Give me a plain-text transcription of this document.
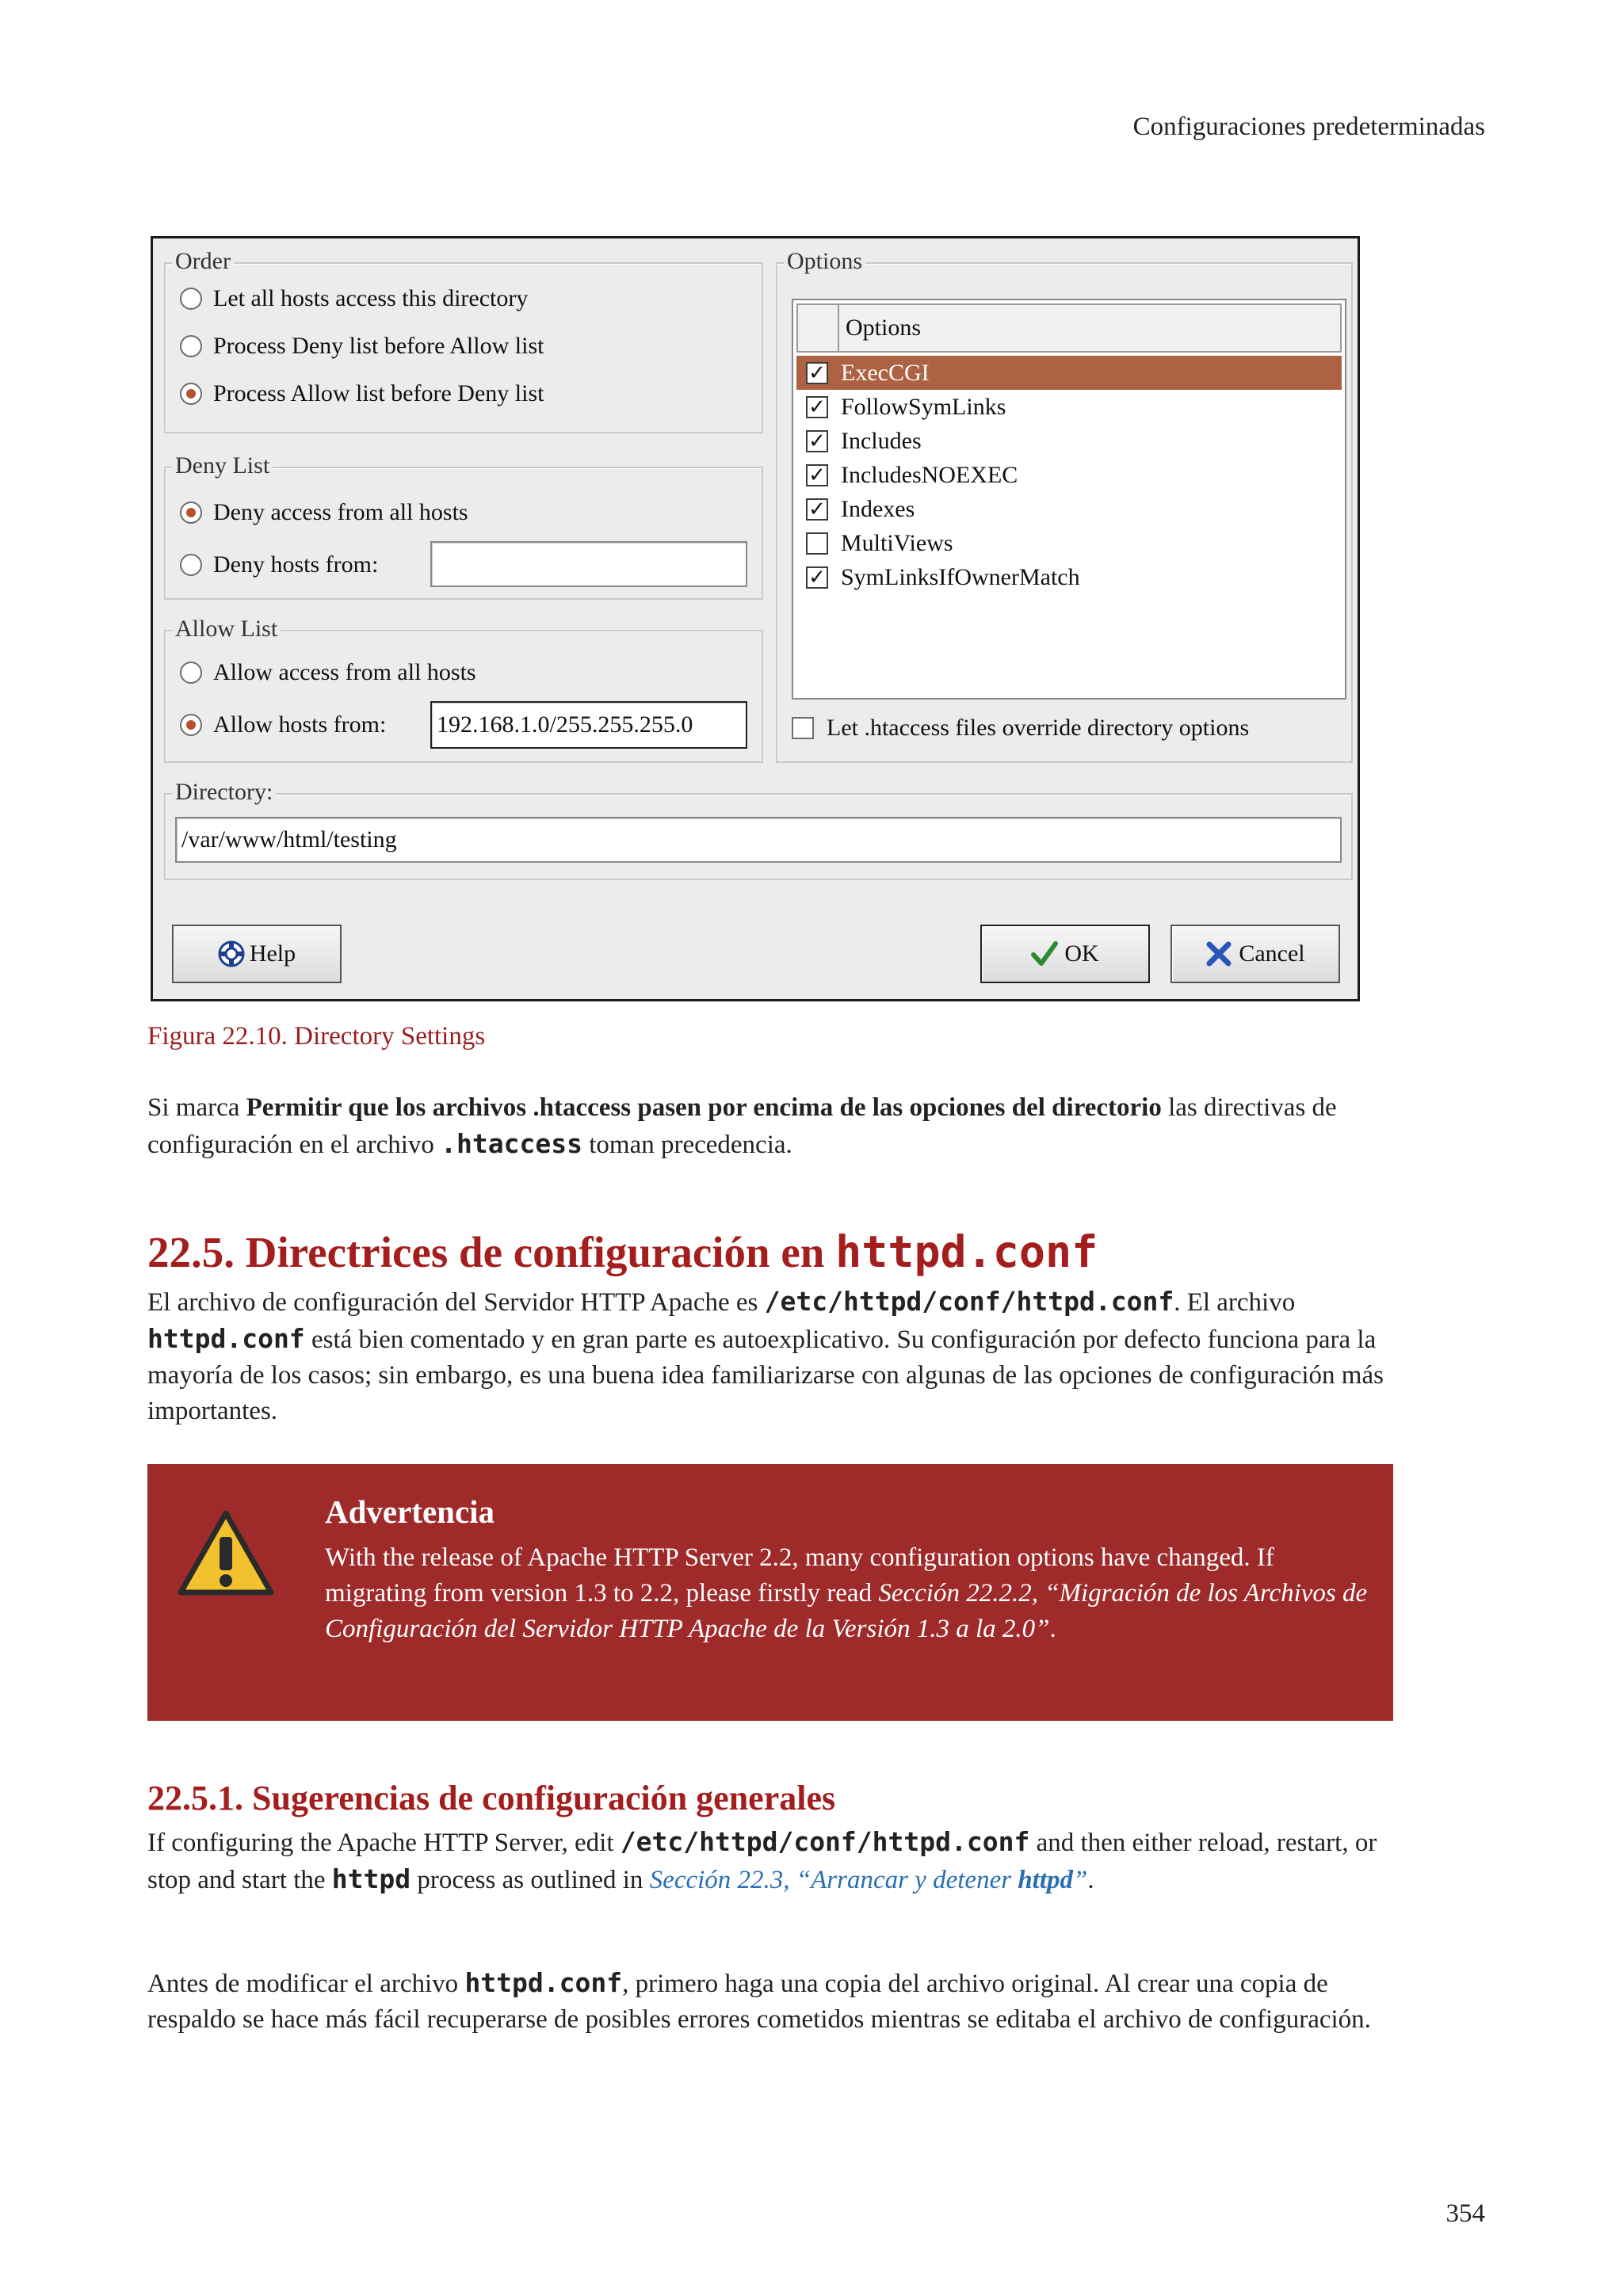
Configuraciones predeterminadas
Order
Let all hosts access this directory
Process Deny list before Allow list
Process Allow list before Deny list
Deny List
Deny access from all hosts
Deny hosts from:
Allow List
Allow access from all hosts
Allow hosts from: 192.168.1.0/255.255.255.0
Options
Options
✓ ExecCGI
✓ FollowSymLinks
✓ Includes
✓ IncludesNOEXEC
✓ Indexes
MultiViews
✓ SymLinksIfOwnerMatch
Let .htaccess files override directory options
Directory:
/var/www/html/testing
Help	OK	Cancel
Figura 22.10. Directory Settings
Si marca Permitir que los archivos .htaccess pasen por encima de las opciones del directorio las directivas de configuración en el archivo .htaccess toman precedencia.
22.5. Directrices de configuración en httpd.conf
El archivo de configuración del Servidor HTTP Apache es /etc/httpd/conf/httpd.conf. El archivo httpd.conf está bien comentado y en gran parte es autoexplicativo. Su configuración por defecto funciona para la mayoría de los casos; sin embargo, es una buena idea familiarizarse con algunas de las opciones de configuración más importantes.
Advertencia
With the release of Apache HTTP Server 2.2, many configuration options have changed. If migrating from version 1.3 to 2.2, please firstly read Sección 22.2.2, “Migración de los Archivos de Configuración del Servidor HTTP Apache de la Versión 1.3 a la 2.0”.
22.5.1. Sugerencias de configuración generales
If configuring the Apache HTTP Server, edit /etc/httpd/conf/httpd.conf and then either reload, restart, or stop and start the httpd process as outlined in Sección 22.3, “Arrancar y detener httpd”.
Antes de modificar el archivo httpd.conf, primero haga una copia del archivo original. Al crear una copia de respaldo se hace más fácil recuperarse de posibles errores cometidos mientras se editaba el archivo de configuración.
354
